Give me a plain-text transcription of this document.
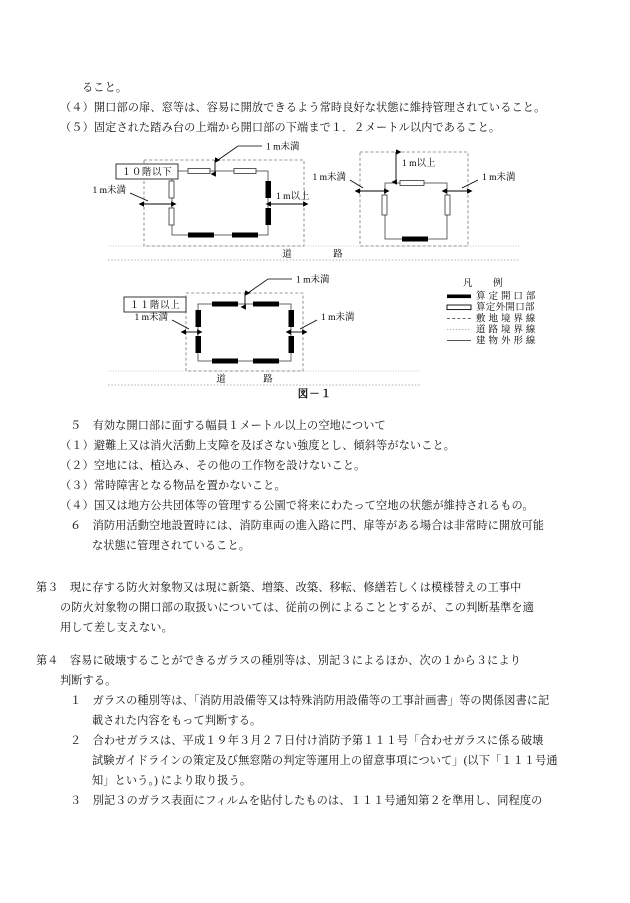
ること。
（４）開口部の扉、窓等は、容易に開放できるよう常時良好な状態に維持管理されていること。
（５）固定された踏み台の上端から開口部の下端まで１．２メートル以内であること。
１０階以下
1 m未満
1 m未満
1 m以上
1 m以上
1 m未満	1 m未満
道	路
１１階以上
1 m未満
1 m未満	1 m未満
道	路
凡　　例
算 定 開 口 部
算定外開口部
敷 地 境 界 線
道 路 境 界 線
建 物 外 形 線
図－１
５　有効な開口部に面する幅員１メートル以上の空地について
（１）避難上又は消火活動上支障を及ぼさない強度とし、傾斜等がないこと。
（２）空地には、植込み、その他の工作物を設けないこと。
（３）常時障害となる物品を置かないこと。
（４）国又は地方公共団体等の管理する公園で将来にわたって空地の状態が維持されるもの。
６　消防用活動空地設置時には、消防車両の進入路に門、扉等がある場合は非常時に開放可能
な状態に管理されていること。
第３　現に存する防火対象物又は現に新築、増築、改築、移転、修繕若しくは模様替えの工事中
の防火対象物の開口部の取扱いについては、従前の例によることとするが、この判断基準を適
用して差し支えない。
第４　容易に破壊することができるガラスの種別等は、別記３によるほか、次の１から３により
判断する。
１　ガラスの種別等は、「消防用設備等又は特殊消防用設備等の工事計画書」等の関係図書に記
載された内容をもって判断する。
２　合わせガラスは、平成１９年３月２７日付け消防予第１１１号「合わせガラスに係る破壊
試験ガイドラインの策定及び無窓階の判定等運用上の留意事項について」(以下「１１１号通
知」という。) により取り扱う。
３　別記３のガラス表面にフィルムを貼付したものは、１１１号通知第２を準用し、同程度の
